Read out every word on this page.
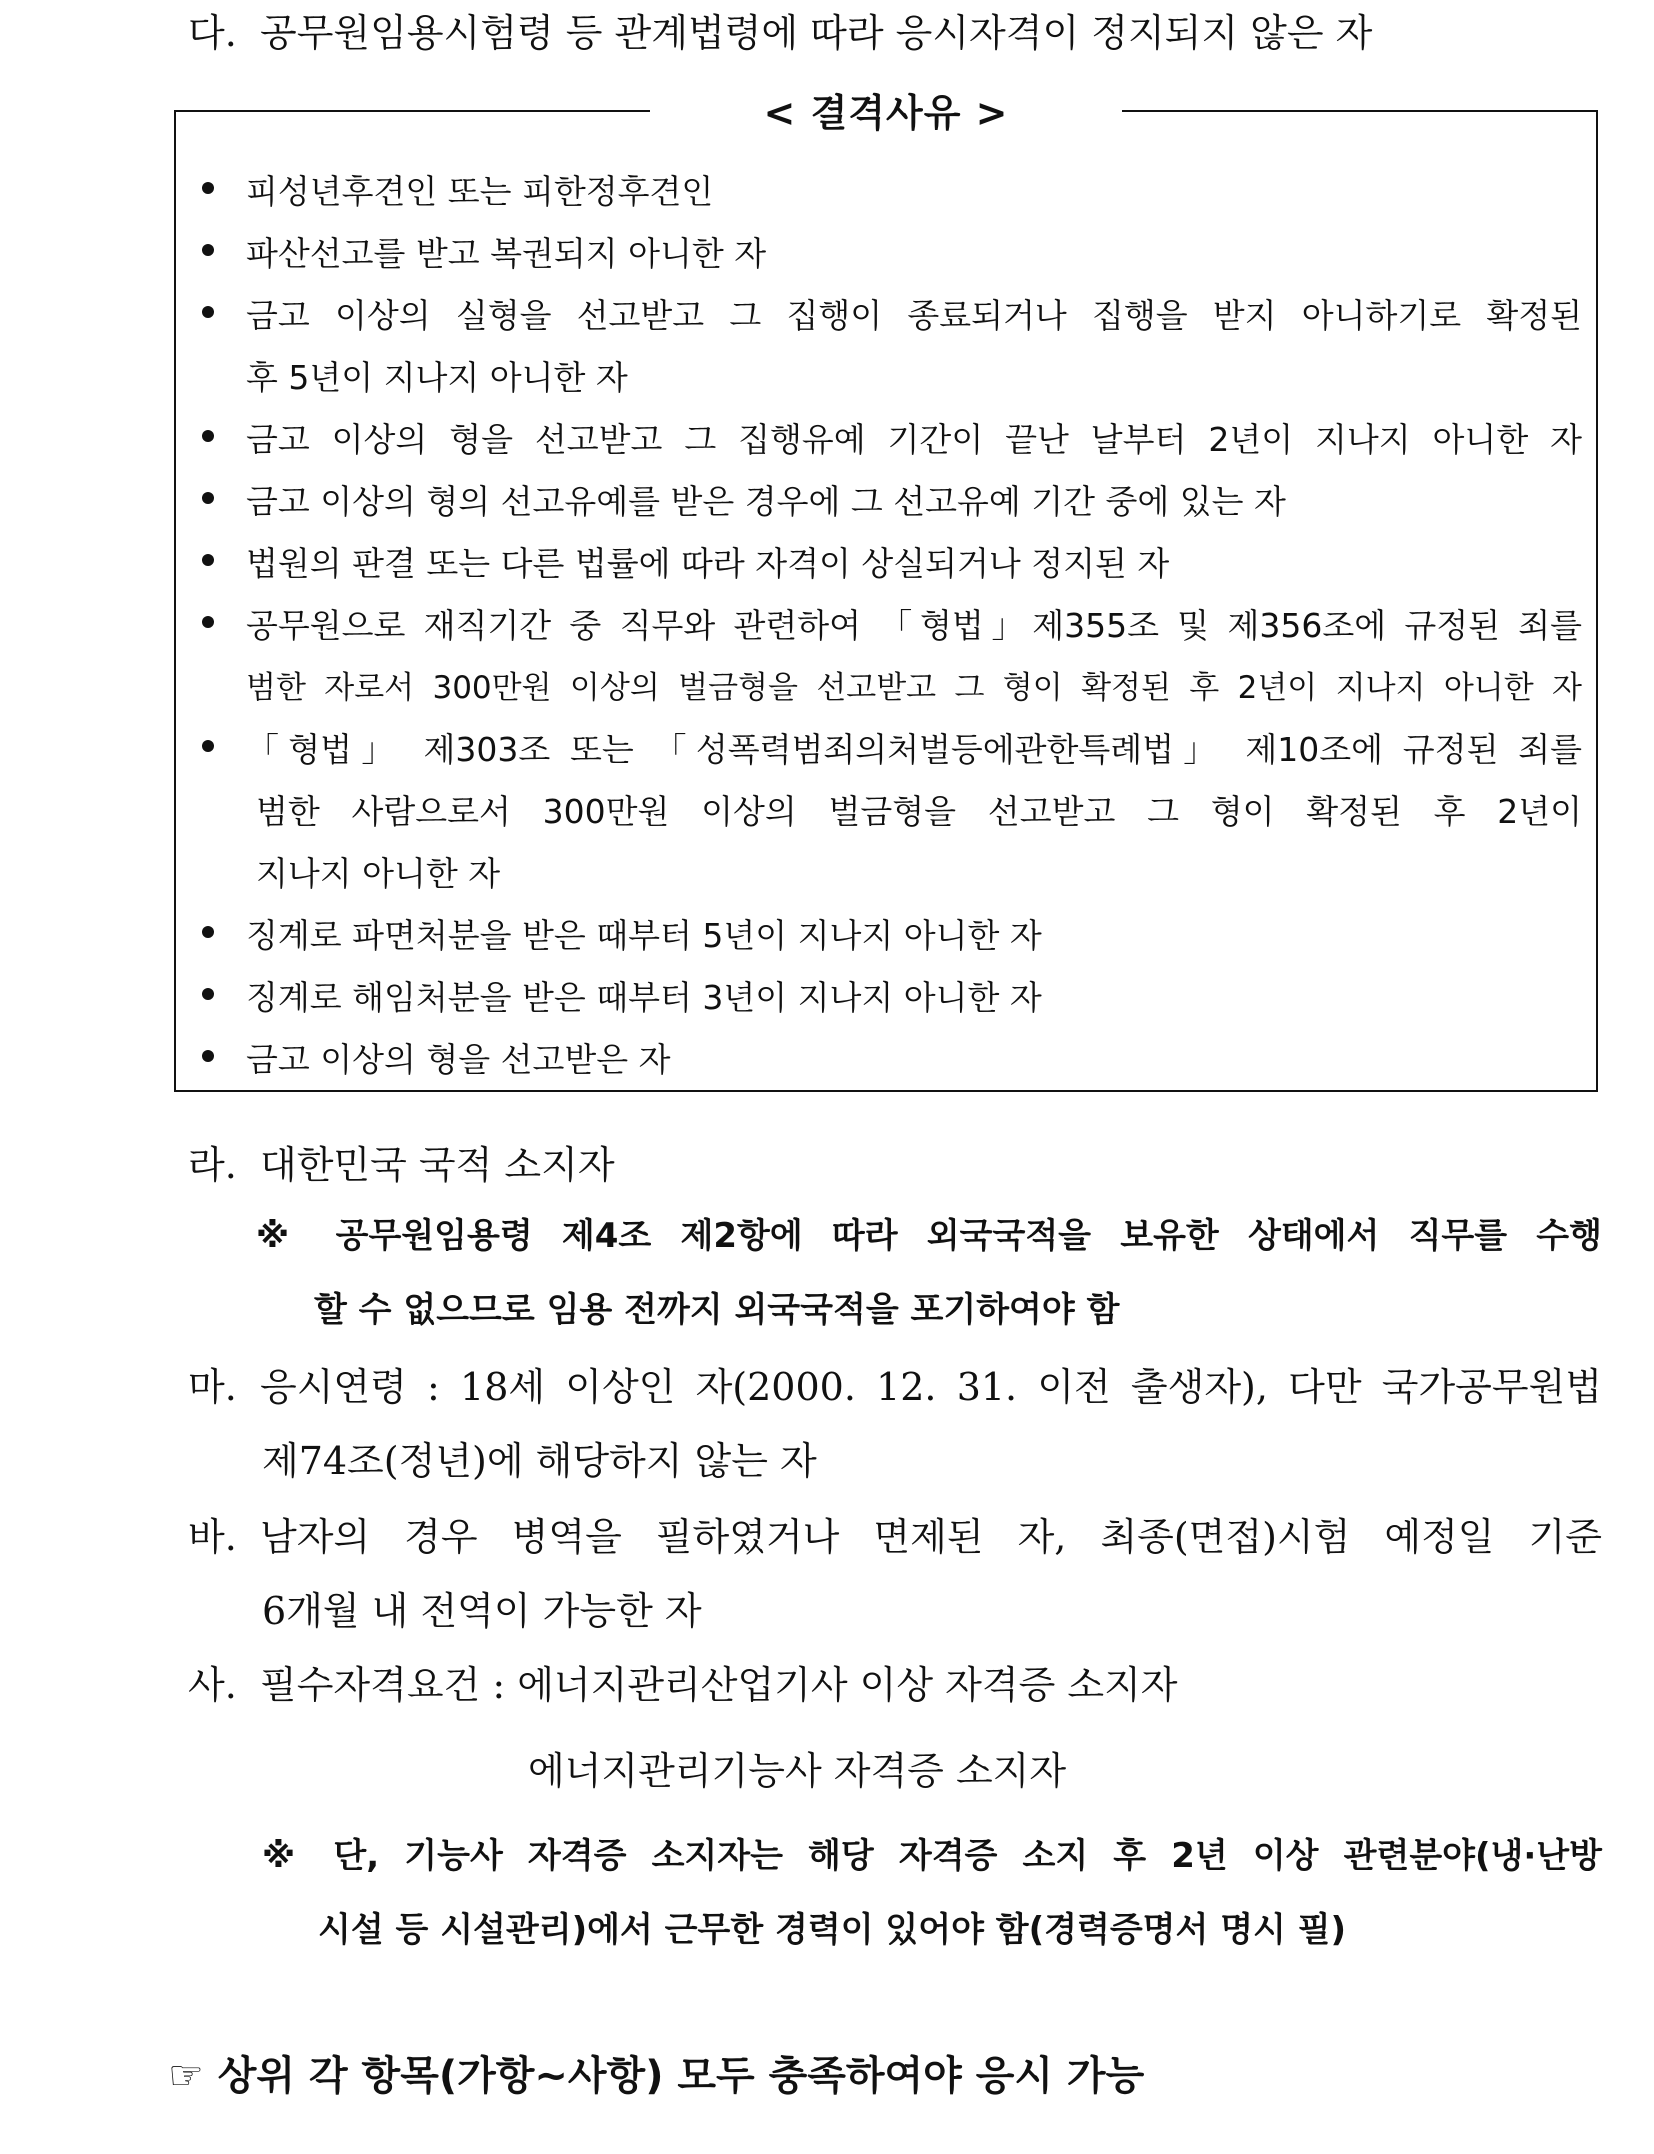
다. 공무원임용시험령 등 관계법령에 따라 응시자격이 정지되지 않은 자
< 결격사유 >
피성년후견인 또는 피한정후견인
파산선고를 받고 복권되지 아니한 자
금고 이상의 실형을 선고받고 그 집행이 종료되거나 집행을 받지 아니하기로 확정된
후 5년이 지나지 아니한 자
금고 이상의 형을 선고받고 그 집행유예 기간이 끝난 날부터 2년이 지나지 아니한 자
금고 이상의 형의 선고유예를 받은 경우에 그 선고유예 기간 중에 있는 자
법원의 판결 또는 다른 법률에 따라 자격이 상실되거나 정지된 자
공무원으로 재직기간 중 직무와 관련하여 「형법」제355조 및 제356조에 규정된 죄를
범한 자로서 300만원 이상의 벌금형을 선고받고 그 형이 확정된 후 2년이 지나지 아니한 자
「형법」 제303조 또는 「성폭력범죄의처벌등에관한특례법」 제10조에 규정된 죄를
범한 사람으로서 300만원 이상의 벌금형을 선고받고 그 형이 확정된 후 2년이
지나지 아니한 자
징계로 파면처분을 받은 때부터 5년이 지나지 아니한 자
징계로 해임처분을 받은 때부터 3년이 지나지 아니한 자
금고 이상의 형을 선고받은 자
라. 대한민국 국적 소지자
※ 공무원임용령 제4조 제2항에 따라 외국국적을 보유한 상태에서 직무를 수행
할 수 없으므로 임용 전까지 외국국적을 포기하여야 함
마. 응시연령 : 18세 이상인 자(2000. 12. 31. 이전 출생자), 다만 국가공무원법
제74조(정년)에 해당하지 않는 자
바. 남자의 경우 병역을 필하였거나 면제된 자, 최종(면접)시험 예정일 기준
6개월 내 전역이 가능한 자
사. 필수자격요건 : 에너지관리산업기사 이상 자격증 소지자
에너지관리기능사 자격증 소지자
※ 단, 기능사 자격증 소지자는 해당 자격증 소지 후 2년 이상 관련분야(냉·난방
시설 등 시설관리)에서 근무한 경력이 있어야 함(경력증명서 명시 필)
☞ 상위 각 항목(가항~사항) 모두 충족하여야 응시 가능
